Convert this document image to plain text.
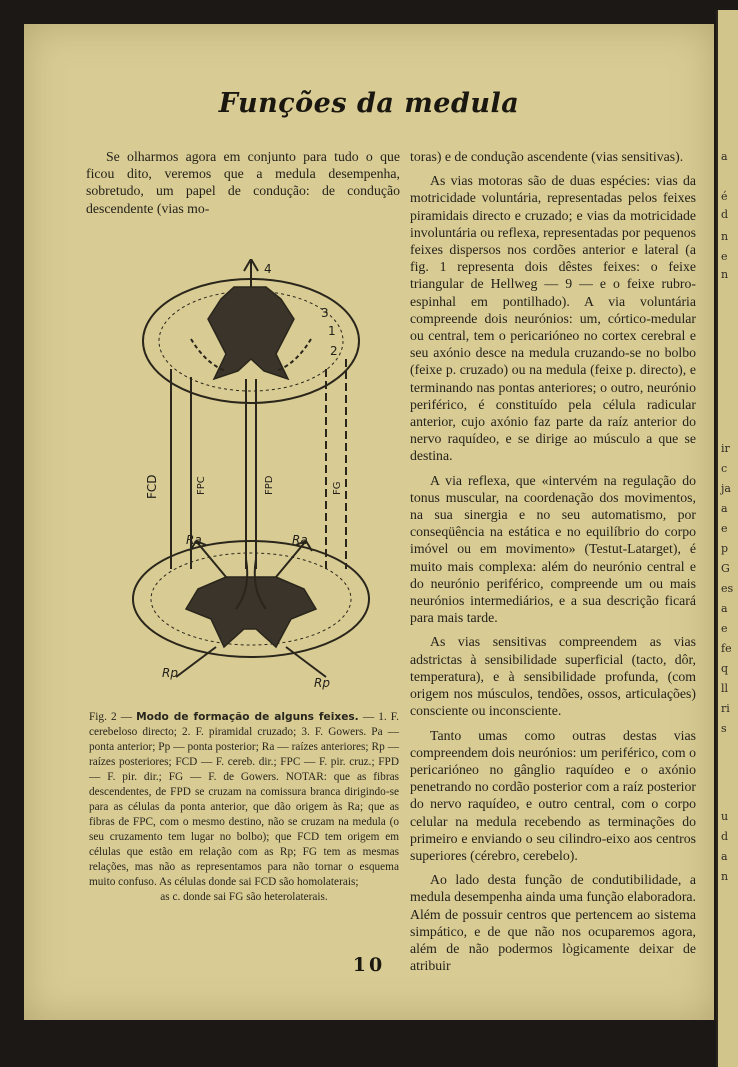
Funções da medula

Se olharmos agora em conjunto para tudo o que ficou dito, veremos que a medula desempenha, sobretudo, um papel de condução: de condução descendente (vias mo-

4
3
1
2
FCD	FPC	FPD	FG
Ra	Ra
Rp
Rp
Fig. 2 — Modo de formação de alguns feixes. — 1. F. cerebeloso directo; 2. F. piramidal cruzado; 3. F. Gowers. Pa — ponta anterior; Pp — ponta posterior; Ra — raízes anteriores; Rp — raízes posteriores; FCD — F. cereb. dir.; FPC — F. pir. cruz.; FPD — F. pir. dir.; FG — F. de Gowers. NOTAR: que as fibras descendentes, de FPD se cruzam na comissura branca dirigindo-se para as células da ponta anterior, que dão origem às Ra; que as fibras de FPC, com o mesmo destino, não se cruzam na medula (o seu cruzamento tem lugar no bolbo); que FCD tem origem em células que estão em relação com as Rp; FG tem as mesmas relações, mas não as representamos para não tornar o esquema muito confuso. As células donde sai FCD são homolaterais;
as c. donde sai FG são heterolaterais.

toras) e de condução ascendente (vias sensitivas).

As vias motoras são de duas espécies: vias da motricidade voluntária, representadas pelos feixes piramidais directo e cruzado; e vias da motricidade involuntária ou reflexa, representadas por pequenos feixes dispersos nos cordões anterior e lateral (a fig. 1 representa dois dêstes feixes: o feixe triangular de Hellweg — 9 — e o feixe rubro-espinhal em pontilhado). A via voluntária compreende dois neurónios: um, córtico-medular ou central, tem o pericarióneo no cortex cerebral e seu axónio desce na medula cruzando-se no bolbo (feixe p. cruzado) ou na medula (feixe p. directo), e terminando nas pontas anteriores; o outro, neurónio periférico, é constituído pela célula radicular anterior, cujo axónio faz parte da raíz anterior do nervo raquídeo, e se dirige ao músculo a que se destina.

A via reflexa, que «intervém na regulação do tonus muscular, na coordenação dos movimentos, na sua sinergia e no seu automatismo, por conseqüência na estática e no equilíbrio do corpo imóvel ou em movimento» (Testut-Latarget), é muito mais complexa: além do neurónio central e do neurónio periférico, compreende um ou mais neurónios intermediários, e a sua descrição ficará para mais tarde.

As vias sensitivas compreendem as vias adstrictas à sensibilidade superficial (tacto, dôr, temperatura), e à sensibilidade profunda, (com origem nos músculos, tendões, ossos, articulações) consciente ou inconsciente.

Tanto umas como outras destas vias compreendem dois neurónios: um periférico, com o pericarióneo no gânglio raquídeo e o axónio penetrando no cordão posterior com a raíz posterior do nervo raquídeo, e outro central, com o corpo celular na medula recebendo as terminações do primeiro e enviando o seu cilindro-eixo aos centros superiores (cérebro, cerebelo).

Ao lado desta função de condutibilidade, a medula desempenha ainda uma função elaboradora. Além de possuir centros que pertencem ao sistema simpático, e de que não nos ocuparemos agora, além de não podermos lògicamente deixar de atribuir

10
a
é
d
n
e
n
ir
c
ja
a
e
p
G
es
a
e
fe
q
ll
ri
s
u
d
a
n
